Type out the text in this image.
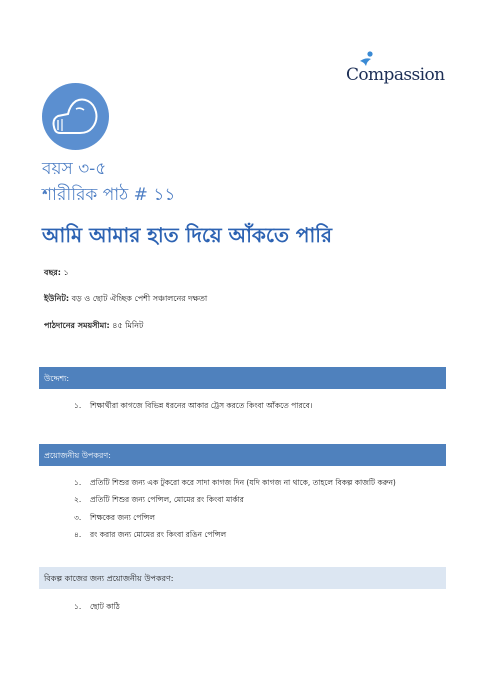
Compassion
বয়স ৩-৫
শারীরিক পাঠ # ১১
আমি আমার হাত দিয়ে আঁকতে পারি
বছর: ১
ইউনিট: বড় ও ছোট ঐচ্ছিক পেশী সঞ্চালনের দক্ষতা
পাঠদানের সময়সীমা: ৪৫ মিনিট
উদ্দেশ্য:
১. শিক্ষার্থীরা কাগজে বিভিন্ন ধরনের আকার ট্রেস করতে কিংবা আঁকতে পারবে।
প্রয়োজনীয় উপকরণ:
১. প্রতিটি শিশুর জন্য এক টুকরো করে সাদা কাগজ দিন (যদি কাগজ না থাকে, তাহলে বিকল্প কাজটি করুন)
২. প্রতিটি শিশুর জন্য পেন্সিল, মোমের রং কিংবা মার্কার
৩. শিক্ষকের জন্য পেন্সিল
৪. রং করার জন্য মোমের রং কিংবা রঙিন পেন্সিল
বিকল্প কাজের জন্য প্রয়োজনীয় উপকরণ:
১. ছোট কাঠি
